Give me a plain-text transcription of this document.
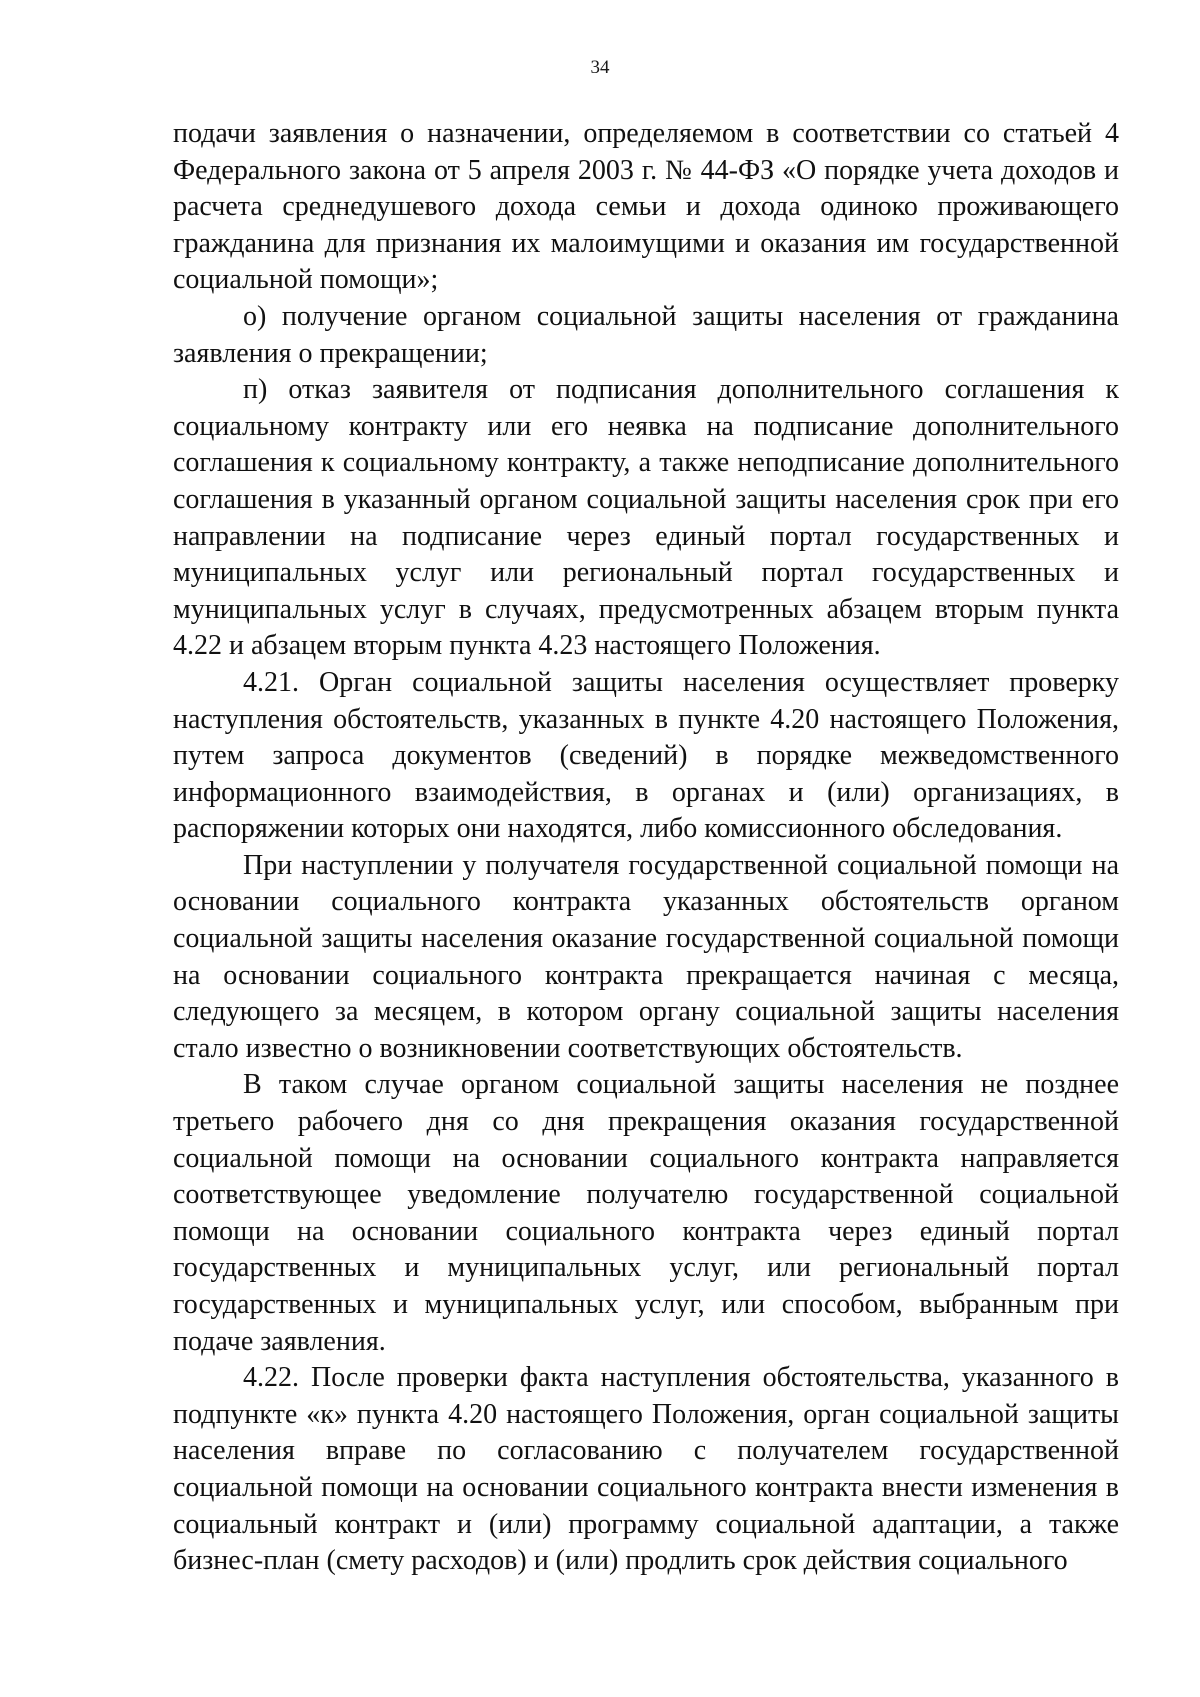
34

подачи заявления о назначении, определяемом в соответствии со статьей 4 Федерального закона от 5 апреля 2003 г. № 44-ФЗ «О порядке учета доходов и расчета среднедушевого дохода семьи и дохода одиноко проживающего гражданина для признания их малоимущими и оказания им государственной социальной помощи»;

о) получение органом социальной защиты населения от гражданина заявления о прекращении;

п) отказ заявителя от подписания дополнительного соглашения к социальному контракту или его неявка на подписание дополнительного соглашения к социальному контракту, а также неподписание дополнительного соглашения в указанный органом социальной защиты населения срок при его направлении на подписание через единый портал государственных и муниципальных услуг или региональный портал государственных и муниципальных услуг в случаях, предусмотренных абзацем вторым пункта 4.22 и абзацем вторым пункта 4.23 настоящего Положения.

4.21. Орган социальной защиты населения осуществляет проверку наступления обстоятельств, указанных в пункте 4.20 настоящего Положения, путем запроса документов (сведений) в порядке межведомственного информационного взаимодействия, в органах и (или) организациях, в распоряжении которых они находятся, либо комиссионного обследования.

При наступлении у получателя государственной социальной помощи на основании социального контракта указанных обстоятельств органом социальной защиты населения оказание государственной социальной помощи на основании социального контракта прекращается начиная с месяца, следующего за месяцем, в котором органу социальной защиты населения стало известно о возникновении соответствующих обстоятельств.

В таком случае органом социальной защиты населения не позднее третьего рабочего дня со дня прекращения оказания государственной социальной помощи на основании социального контракта направляется соответствующее уведомление получателю государственной социальной помощи на основании социального контракта через единый портал государственных и муниципальных услуг, или региональный портал государственных и муниципальных услуг, или способом, выбранным при подаче заявления.

4.22. После проверки факта наступления обстоятельства, указанного в подпункте «к» пункта 4.20 настоящего Положения, орган социальной защиты населения вправе по согласованию с получателем государственной социальной помощи на основании социального контракта внести изменения в социальный контракт и (или) программу социальной адаптации, а также бизнес-план (смету расходов) и (или) продлить срок действия социального
